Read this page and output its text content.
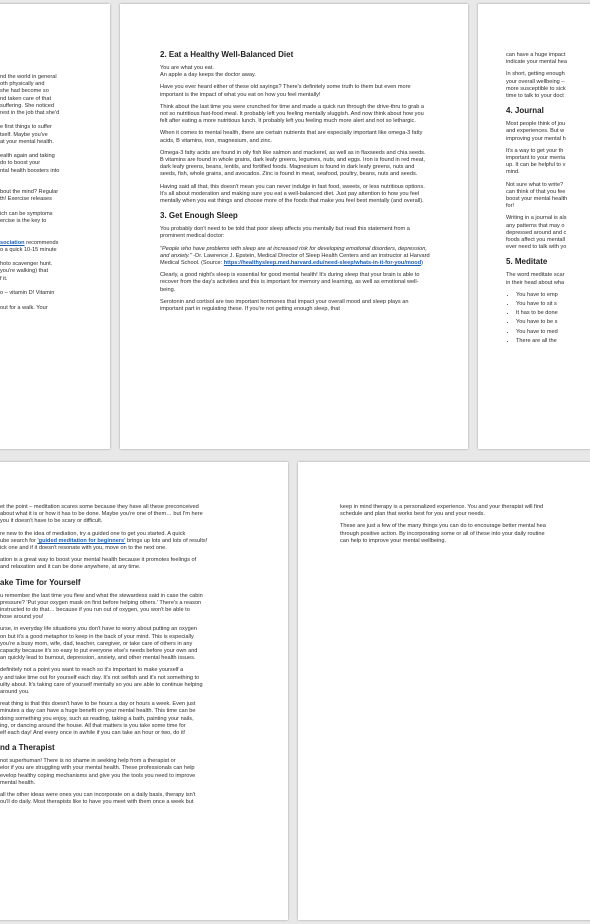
nd the world in general
oth physically and
she had become so
nd taken care of that
suffering. She noticed
rest in the job that she'd

e first things to suffer
tself. Maybe you've
at your mental health.

ealth again and taking
do to boost your
ntal health boosters into

bout the mind? Regular
th! Exercise releases

ich can be symptoms
ercise is the key to

sociation recommends
o a quick 10-15 minute

hoto scavenger hunt.
you're walking) that
f it.

o – vitamin D! Vitamin

out for a walk. Your
2. Eat a Healthy Well-Balanced Diet

You are what you eat.
An apple a day keeps the doctor away.

Have you ever heard either of these old sayings? There's definitely some truth to them but even more important is the impact of what you eat on how you feel mentally!

Think about the last time you were crunched for time and made a quick run through the drive-thru to grab a not so nutritious fast-food meal. It probably left you feeling mentally sluggish. And now think about how you felt after eating a more nutritious lunch. It probably left you feeling much more alert and not so lethargic.

When it comes to mental health, there are certain nutrients that are especially important like omega-3 fatty acids, B vitamins, iron, magnesium, and zinc.

Omega-3 fatty acids are found in oily fish like salmon and mackerel, as well as in flaxseeds and chia seeds. B vitamins are found in whole grains, dark leafy greens, legumes, nuts, and eggs. Iron is found in red meat, dark leafy greens, beans, lentils, and fortified foods. Magnesium is found in dark leafy greens, nuts and seeds, fish, whole grains, and avocados. Zinc is found in meat, seafood, poultry, beans, nuts and seeds.

Having said all that, this doesn't mean you can never indulge in fast food, sweets, or less nutritious options. It's all about moderation and making sure you eat a well-balanced diet. Just pay attention to how you feel mentally when you eat things and choose more of the foods that make you feel best mentally (and overall).

3. Get Enough Sleep

You probably don't need to be told that poor sleep affects you mentally but read this statement from a prominent medical doctor:

"People who have problems with sleep are at increased risk for developing emotional disorders, depression, and anxiety." -Dr. Lawrence J. Epstein, Medical Director of Sleep Health Centers and an instructor at Harvard Medical School. (Source: https://healthysleep.med.harvard.edu/need-sleep/whats-in-it-for-you/mood)

Clearly, a good night's sleep is essential for good mental health! It's during sleep that your brain is able to recover from the day's activities and this is important for memory and learning, as well as emotional well-being.

Serotonin and cortisol are two important hormones that impact your overall mood and sleep plays an important part in regulating these. If you're not getting enough sleep, that

can have a huge impact
indicate your mental hea
In short, getting enough
your overall wellbeing –
more susceptible to sick
time to talk to your doct
4. Journal
Most people think of jou
and experiences. But w
improving your mental h
It's a way to get your th
important to your menta
up. It can be helpful to v
mind.
Not sure what to write?
can think of that you fee
boost your mental health
for!
Writing in a journal is als
any patterns that may o
depressed around and c
foods affect you mentall
ever need to talk with yo
5. Meditate
The word meditate scar
in their head about wha
• You have to emp
• You have to sit s
• It has to be done
• You have to be s
• You have to med
• There are all the
et the point – meditation scares some because they have all these preconceived
about what it is or how it has to be done. Maybe you're one of them… but I'm here
you it doesn't have to be scary or difficult.
re new to the idea of mediation, try a guided one to get you started. A quick
ube search for 'guided meditation for beginners' brings up lots and lots of results!
ick one and if it doesn't resonate with you, move on to the next one.
ation is a great way to boost your mental health because it promotes feelings of
and relaxation and it can be done anywhere, at any time.
ake Time for Yourself
u remember the last time you flew and what the stewardess said in case the cabin
pressure? 'Put your oxygen mask on first before helping others.' There's a reason
instructed to do that… because if you run out of oxygen, you won't be able to
hose around you!
urse, in everyday life situations you don't have to worry about putting an oxygen
on but it's a good metaphor to keep in the back of your mind. This is especially
you're a busy mom, wife, dad, teacher, caregiver, or take care of others in any
capacity because it's so easy to put everyone else's needs before your own and
an quickly lead to burnout, depression, anxiety, and other mental health issues.
definitely not a point you want to reach so it's important to make yourself a
y and take time out for yourself each day. It's not selfish and it's not something to
uilty about. It's taking care of yourself mentally so you are able to continue helping
around you.
reat thing is that this doesn't have to be hours a day or hours a week. Even just
minutes a day can have a huge benefit on your mental health. This time can be
doing something you enjoy, such as reading, taking a bath, painting your nails,
ing, or dancing around the house. All that matters is you take some time for
elf each day! And every once in awhile if you can take an hour or two, do it!
nd a Therapist
not superhuman! There is no shame in seeking help from a therapist or
elor if you are struggling with your mental health. These professionals can help
evelop healthy coping mechanisms and give you the tools you need to improve
mental health.
all the other ideas were ones you can incorporate on a daily basis, therapy isn't
ou'll do daily. Most therapists like to have you meet with them once a week but
keep in mind therapy is a personalized experience. You and your therapist will find
schedule and plan that works best for you and your needs.
These are just a few of the many things you can do to encourage better mental hea
through positive action. By incorporating some or all of these into your daily routine
can help to improve your mental wellbeing.
